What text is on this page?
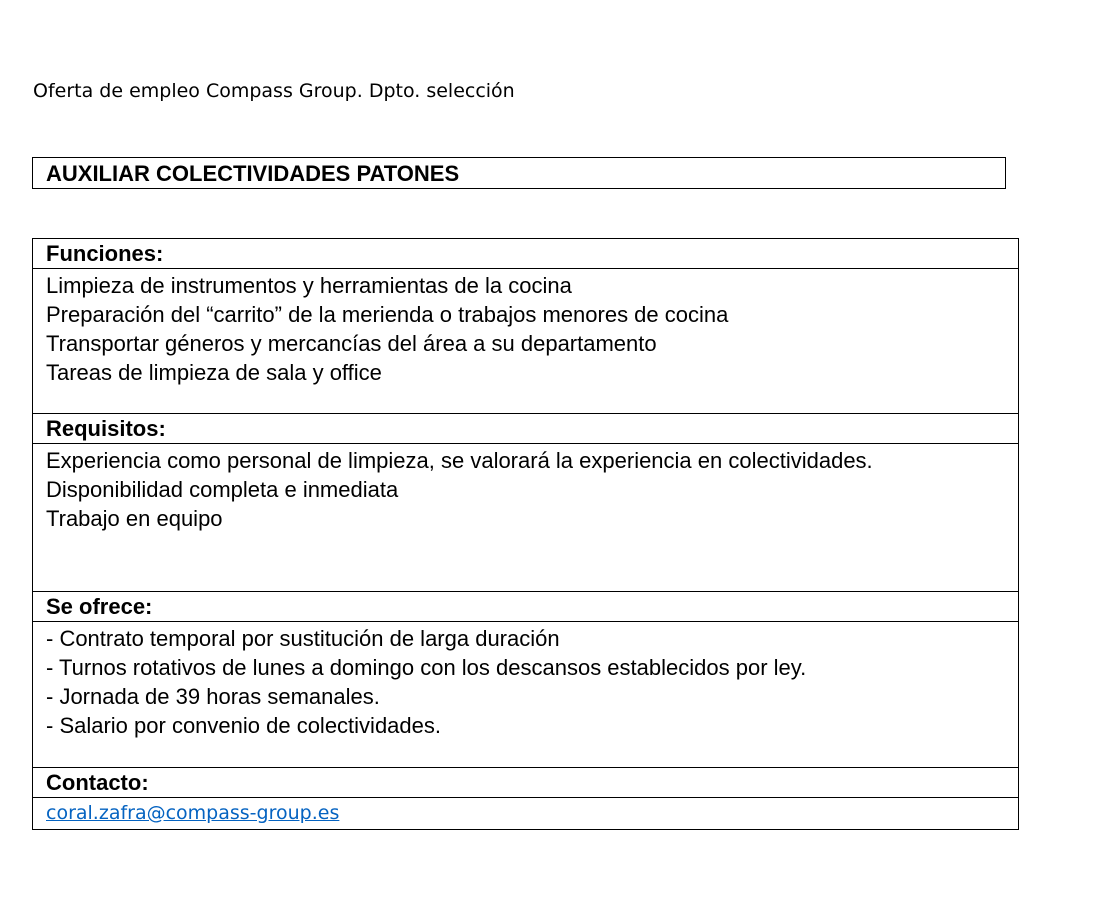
Oferta de empleo Compass Group. Dpto. selección
AUXILIAR COLECTIVIDADES PATONES
Funciones:
Limpieza de instrumentos y herramientas de la cocina
Preparación del “carrito” de la merienda o trabajos menores de cocina
Transportar géneros y mercancías del área a su departamento
Tareas de limpieza de sala y office
Requisitos:
Experiencia como personal de limpieza, se valorará la experiencia en colectividades.
Disponibilidad completa e inmediata
Trabajo en equipo
Se ofrece:
- Contrato temporal por sustitución de larga duración
- Turnos rotativos de lunes a domingo con los descansos establecidos por ley.
- Jornada de 39 horas semanales.
- Salario por convenio de colectividades.
Contacto:
coral.zafra@compass-group.es
